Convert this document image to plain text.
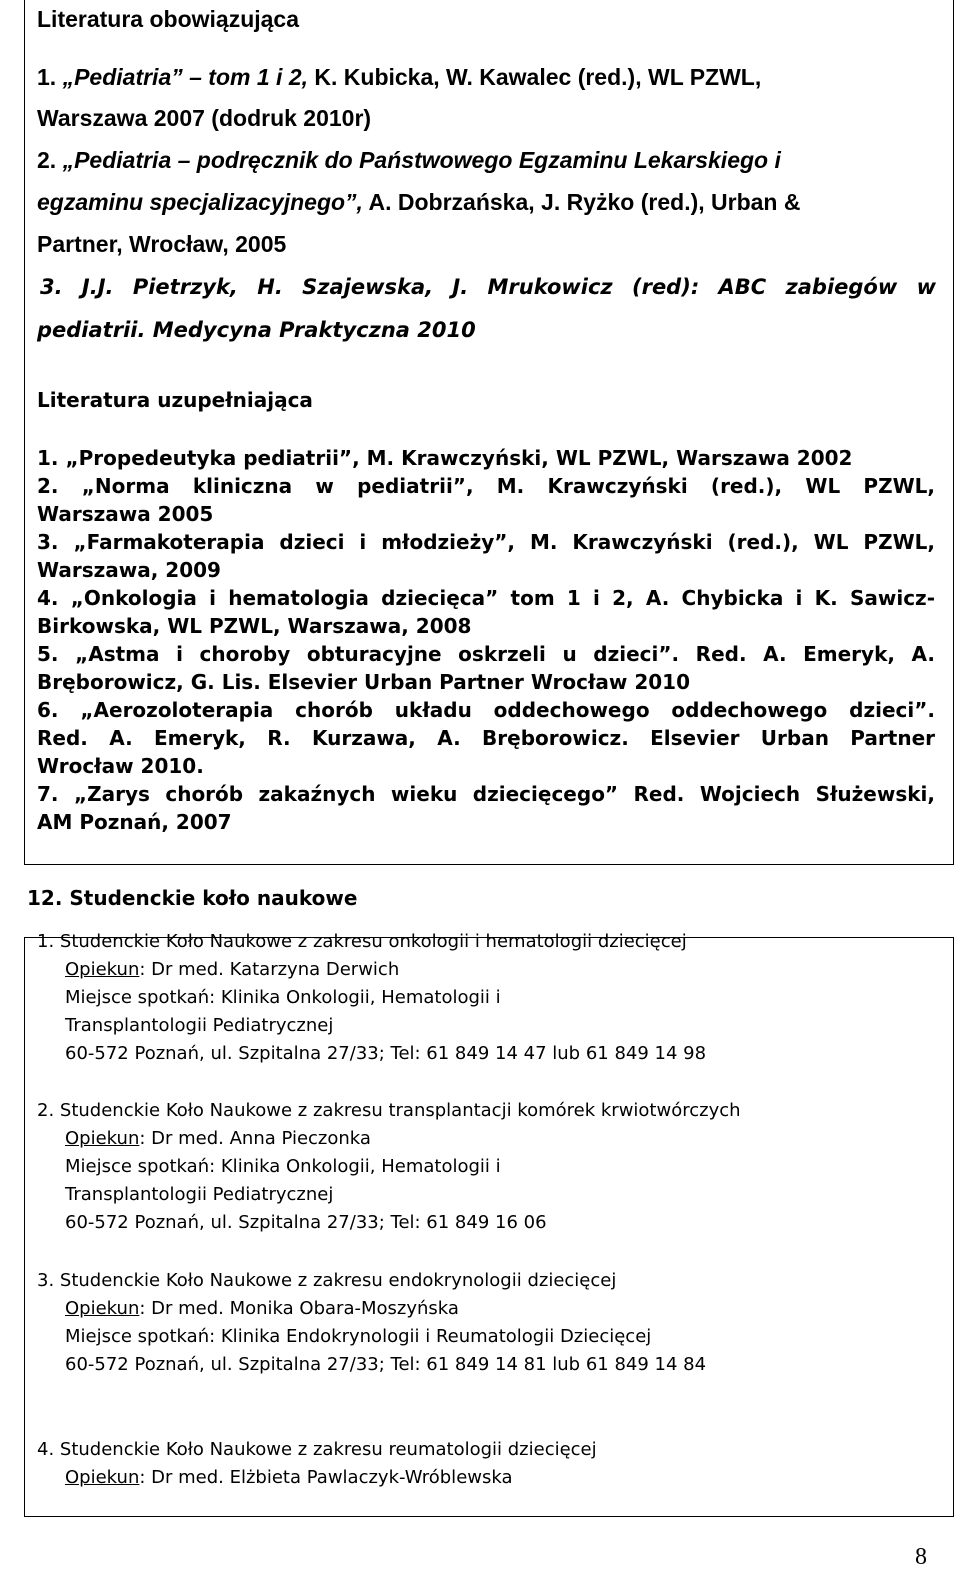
Literatura obowiązująca
1. „Pediatria” – tom 1 i 2, K. Kubicka, W. Kawalec (red.), WL PZWL,
Warszawa 2007 (dodruk 2010r)
2. „Pediatria – podręcznik do Państwowego Egzaminu Lekarskiego i
egzaminu specjalizacyjnego”, A. Dobrzańska, J. Ryżko (red.), Urban &
Partner, Wrocław, 2005
3. J.J. Pietrzyk, H. Szajewska, J. Mrukowicz (red): ABC zabiegów w
pediatrii. Medycyna Praktyczna 2010
Literatura uzupełniająca
1. „Propedeutyka pediatrii”, M. Krawczyński, WL PZWL, Warszawa 2002
2. „Norma kliniczna w pediatrii”, M. Krawczyński (red.), WL PZWL,
Warszawa 2005
3. „Farmakoterapia dzieci i młodzieży”, M. Krawczyński (red.), WL PZWL,
Warszawa, 2009
4. „Onkologia i hematologia dziecięca” tom 1 i 2, A. Chybicka i K. Sawicz-
Birkowska, WL PZWL, Warszawa, 2008
5. „Astma i choroby obturacyjne oskrzeli u dzieci”. Red. A. Emeryk, A.
Bręborowicz, G. Lis. Elsevier Urban Partner Wrocław 2010
6. „Aerozoloterapia chorób układu oddechowego oddechowego dzieci”.
Red. A. Emeryk, R. Kurzawa, A. Bręborowicz. Elsevier Urban Partner
Wrocław 2010.
7. „Zarys chorób zakaźnych wieku dziecięcego” Red. Wojciech Służewski,
AM Poznań, 2007
12. Studenckie koło naukowe
1. Studenckie Koło Naukowe z zakresu onkologii i hematologii dziecięcej
Opiekun: Dr med. Katarzyna Derwich
Miejsce spotkań: Klinika Onkologii, Hematologii i
Transplantologii Pediatrycznej
60-572 Poznań, ul. Szpitalna 27/33; Tel: 61 849 14 47 lub 61 849 14 98
2. Studenckie Koło Naukowe z zakresu transplantacji komórek krwiotwórczych
Opiekun: Dr med. Anna Pieczonka
Miejsce spotkań: Klinika Onkologii, Hematologii i
Transplantologii Pediatrycznej
60-572 Poznań, ul. Szpitalna 27/33; Tel: 61 849 16 06
3. Studenckie Koło Naukowe z zakresu endokrynologii dziecięcej
Opiekun: Dr med. Monika Obara-Moszyńska
Miejsce spotkań: Klinika Endokrynologii i Reumatologii Dziecięcej
60-572 Poznań, ul. Szpitalna 27/33; Tel: 61 849 14 81 lub 61 849 14 84
4. Studenckie Koło Naukowe z zakresu reumatologii dziecięcej
Opiekun: Dr med. Elżbieta Pawlaczyk-Wróblewska
8
